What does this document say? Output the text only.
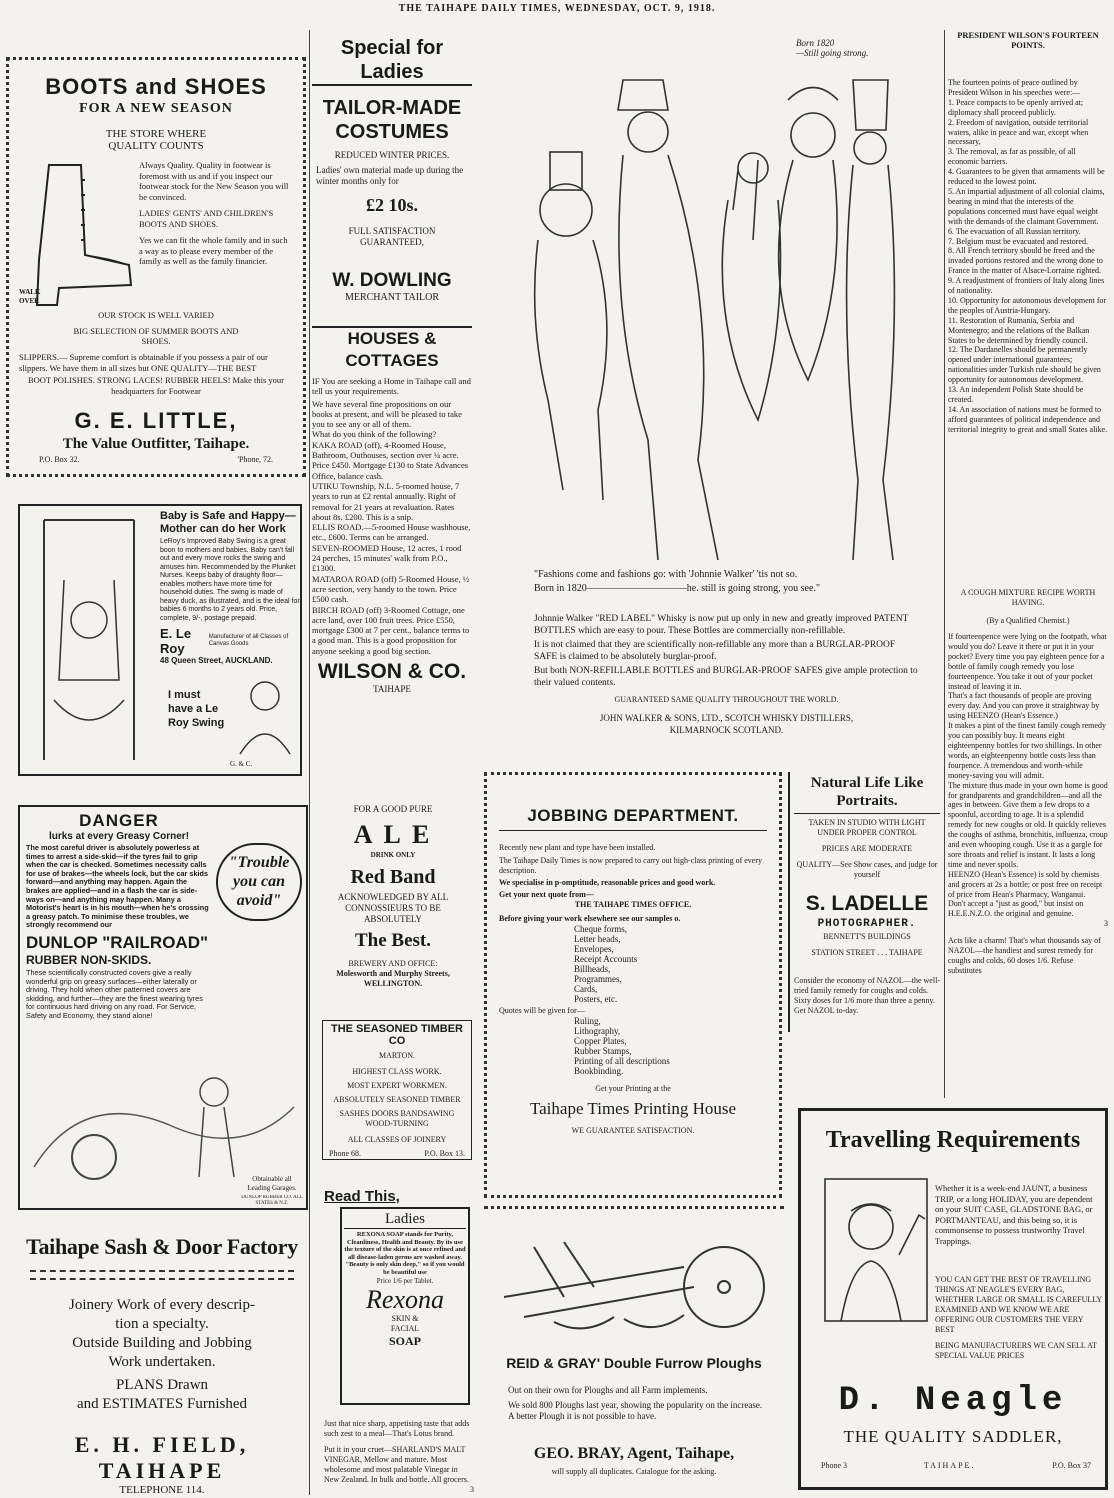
THE TAIHAPE DAILY TIMES, WEDNESDAY, OCT. 9, 1918.
BOOTS and SHOES
FOR A NEW SEASON
THE STORE WHERE
QUALITY COUNTS
WALK OVER

Always Quality. Quality in footwear is foremost with us and if you inspect our footwear stock for the New Season you will be convinced.

LADIES' GENTS' AND CHILDREN'S BOOTS AND SHOES.

Yes we can fit the whole family and in such a way as to please every member of the family as well as the family financier.

OUR STOCK IS WELL VARIED
BIG SELECTION OF SUMMER BOOTS AND SHOES.

SLIPPERS.— Supreme comfort is obtainable if you possess a pair of our slippers. We have them in all sizes but ONE QUALITY—THE BEST

BOOT POLISHES. STRONG LACES! RUBBER HEELS! Make this your headquarters for Footwear

G. E. LITTLE,
The Value Outfitter, Taihape.
P.O. Box 32.	'Phone, 72.
Baby is Safe and Happy—
Mother can do her Work

LeRoy's Improved Baby Swing is a great boon to mothers and babies. Baby can't fall out and every move rocks the swing and amuses him. Recommended by the Plunket Nurses. Keeps baby of draughty floor—enables mothers have more time for household duties. The swing is made of heavy duck, as illustrated, and is the ideal for babies 6 months to 2 years old. Price, complete, 9/-, postage prepaid.

E. Le Roy
Manufacturer of all Classes of Canvas Goods
48 Queen Street, AUCKLAND.
I must have a Le Roy Swing
G. & C.
DANGER
lurks at every Greasy Corner!

The most careful driver is absolutely powerless at times to arrest a side-skid—if the tyres fail to grip when the car is checked. Sometimes necessity calls for use of brakes—the wheels lock, but the car skids forward—and anything may happen. Again the brakes are applied—and in a flash the car is side-ways on—and anything may happen. Many a Motorist's heart is in his mouth—when he's crossing a greasy patch. To minimise these troubles, we strongly recommend our

DUNLOP "RAILROAD"
RUBBER NON-SKIDS.

These scientifically constructed covers give a really wonderful grip on greasy surfaces—either laterally or driving. They hold when other patterned covers are skidding, and further—they are the finest wearing tyres for continuous hard driving on any road. For Service, Safety and Economy, they stand alone!

"Trouble
you can
avoid"
Obtainable all Leading Garages.
DUNLOP RUBBER CO. ALL STATES & N.Z.
Taihape Sash & Door Factory
Joinery Work of every descrip-
tion a specialty.
Outside Building and Jobbing
Work undertaken.
PLANS Drawn
and ESTIMATES Furnished
E. H. FIELD, TAIHAPE
TELEPHONE 114.
Special for Ladies
TAILOR-MADE
COSTUMES
REDUCED WINTER PRICES.

Ladies' own material made up during the winter months only for

£2 10s.
FULL SATISFACTION GUARANTEED,
W. DOWLING
MERCHANT TAILOR
HOUSES & COTTAGES

IF You are seeking a Home in Taihape call and tell us your requirements.

We have several fine propositions on our books at present, and will be pleased to take you to see any or all of them.

What do you think of the following?

KAKA ROAD (off), 4-Roomed House, Bathroom, Outhouses, section over ¼ acre. Price £450. Mortgage £130 to State Advances Office, balance cash.

UTIKU Township, N.L. 5-roomed house, 7 years to run at £2 rental annually. Right of removal for 21 years at revaluation. Rates about 8s. £200. This is a snip.

ELLIS ROAD.—5-roomed House washhouse, etc., £600. Terms can be arranged.

SEVEN-ROOMED House, 12 acres, 1 rood 24 perches, 15 minutes' walk from P.O., £1300.

MATAROA ROAD (off) 5-Roomed House, ½ acre section, very handy to the town. Price £500 cash.

BIRCH ROAD (off) 3-Roomed Cottage, one acre land, over 100 fruit trees. Price £550, mortgage £300 at 7 per cent., balance terms to a good man. This is a good proposition for anyone seeking a good big section.

WILSON & CO.
TAIHAPE
FOR A GOOD PURE
A L E
DRINK ONLY
Red Band
ACKNOWLEDGED BY ALL CONNOSSIEURS TO BE ABSOLUTELY
The Best.
BREWERY AND OFFICE:
Molesworth and Murphy Streets, WELLINGTON.
THE SEASONED TIMBER CO
MARTON.
HIGHEST CLASS WORK.
MOST EXPERT WORKMEN.
ABSOLUTELY SEASONED TIMBER
SASHES DOORS BANDSAWING WOOD-TURNING
ALL CLASSES OF JOINERY
Phone 68.	P.O. Box 13.
Read This,
Ladies

REXONA SOAP stands for Purity, Cleanliness, Health and Beauty. By its use the texture of the skin is at once refined and all disease-laden germs are washed away. "Beauty is only skin deep," so if you would be beautiful use

Price 1/6 per Tablet.
Rexona
SKIN &
FACIAL
SOAP

Just that nice sharp, appetising taste that adds such zest to a meal—That's Lotus brand.

Put it in your cruet—SHARLAND'S MALT VINEGAR, Mellow and mature. Most wholesome and most palatable Vinegar in New Zealand. In bulk and bottle. All grocers.

3
Born 1820
—Still going strong.
"Fashions come and fashions go: with 'Johnnie Walker' 'tis not so.
Born in 1820——————————he. still is going strong, you see."

Johnnie Walker "RED LABEL" Whisky is now put up only in new and greatly improved PATENT BOTTLES which are easy to pour. These Bottles are commercially non-refillable.

It is not claimed that they are scientifically non-refillable any more than a BURGLAR-PROOF SAFE is claimed to be absolutely burglar-proof.

But both NON-REFILLABLE BOTTLES and BURGLAR-PROOF SAFES give ample protection to their valued contents.

GUARANTEED SAME QUALITY THROUGHOUT THE WORLD.

JOHN WALKER & SONS, LTD., SCOTCH WHISKY DISTILLERS, KILMARNOCK SCOTLAND.

JOBBING DEPARTMENT.

Recently new plant and type have been installed.

The Taihape Daily Times is now prepared to carry out high-class printing of every description.

We specialise in p-omptitude, reasonable prices and good work.

Get your next quote from—

THE TAIHAPE TIMES OFFICE.

Before giving your work elsewhere see our samples o.

Cheque forms,
Letter heads,
Envelopes,
Receipt Accounts
Billheads,
Programmes,
Cards,
Posters, etc.

Quotes will be given for—

Ruling,
Lithography,
Copper Plates,
Rubber Stamps,
Printing of all descriptions
Bookbinding.

Get your Printing at the

Taihape Times Printing House
WE GUARANTEE SATISFACTION.
REID & GRAY' Double Furrow Ploughs

Out on their own for Ploughs and all Farm implements.

We sold 800 Ploughs last year, showing the popularity on the increase.

A better Plough it is not possible to have.

GEO. BRAY, Agent, Taihape,
will supply all duplicates. Catalogue for the asking.
Natural Life Like
Portraits.
TAKEN IN STUDIO WITH LIGHT UNDER PROPER CONTROL
PRICES ARE MODERATE
QUALITY—See Show cases, and judge for yourself
S. LADELLE
PHOTOGRAPHER.
BENNETT'S BUILDINGS
STATION STREET . . . TAIHAPE

Consider the economy of NAZOL—the well-tried family remedy for coughs and colds. Sixty doses for 1/6 more than three a penny. Get NAZOL to-day.

PRESIDENT WILSON'S FOURTEEN POINTS.

The fourteen points of peace outlined by President Wilson in his speeches were:—

1. Peace compacts to be openly arrived at; diplomacy shall proceed publicly.

2. Freedom of navigation, outside territorial waters, alike in peace and war, except when necessary,

3. The removal, as far as possible, of all economic barriers.

4. Guarantees to be given that armaments will be reduced to the lowest point.

5. An impartial adjustment of all colonial claims, bearing in mind that the interests of the populations concerned must have equal weight with the demands of the claimant Government.

6. The evacuation of all Russian territory.

7. Belgium must be evacuated and restored.

8. All French territory should be freed and the invaded portions restored and the wrong done to France in the matter of Alsace-Lorraine righted.

9. A readjustment of frontiers of Italy along lines of nationality.

10. Opportunity for autonomous development for the peoples of Austria-Hungary.

11. Restoration of Rumania, Serbia and Montenegro; and the relations of the Balkan States to be determined by friendly council.

12. The Dardanelles should be permanently opened under international guarantees; nationalities under Turkish rule should be given opportunity for autonomous development.

13. An independent Polish State should be created.

14. An association of nations must be formed to afford guarantees of political independence and territorial integrity to great and small States alike.

A COUGH MIXTURE RECIPE WORTH HAVING.
(By a Qualified Chemist.)

If fourteenpence were lying on the footpath, what would you do? Leave it there or put it in your pocket? Every time you pay eighteen pence for a bottle of family cough remedy you lose fourteenpence. You take it out of your pocket instead of leaving it in.

That's a fact thousands of people are proving every day. And you can prove it straightway by using HEENZO (Hean's Essence.)

It makes a pint of the finest family cough remedy you can possibly buy. It means eight eighteenpenny bottles for two shillings. In other words, an eighteenpenny bottle costs less than fourpence. A tremendous and worth-while money-saving you will admit.

The mixture thus made in your own home is good for grandparents and grandchildren—and all the ages in between. Give them a few drops to a spoonful, according to age. It is a splendid remedy for new coughs or old. It quickly relieves the coughs of asthma, bronchitis, influenza, croup and even whooping cough. Use it as a gargle for sore throats and relief is instant. It lasts a long time and never spoils.

HEENZO (Hean's Essence) is sold by chemists and grocers at 2s a bottle; or post free on receipt of price from Hean's Pharmacy, Wanganui.

Don't accept a "just as good," but insist on H.E.E.N.Z.O. the original and genuine.

3

Acts like a charm! That's what thousands say of NAZOL—the handiest and surest remedy for coughs and colds, 60 doses 1/6. Refuse substitutes

Travelling Requirements

Whether it is a week-end JAUNT, a business TRIP, or a long HOLIDAY, you are dependent on your SUIT CASE, GLADSTONE BAG, or PORTMANTEAU, and this being so, it is commonsense to possess trustworthy Travel Trappings.

YOU CAN GET THE BEST OF TRAVELLING THINGS AT NEAGLE'S EVERY BAG, WHETHER LARGE OR SMALL IS CAREFULLY EXAMINED AND WE KNOW WE ARE OFFERING OUR CUSTOMERS THE VERY BEST

BEING MANUFACTURERS WE CAN SELL AT SPECIAL VALUE PRICES

D. Neagle
THE QUALITY SADDLER,
Phone 3	TAIHAPE.	P.O. Box 37
